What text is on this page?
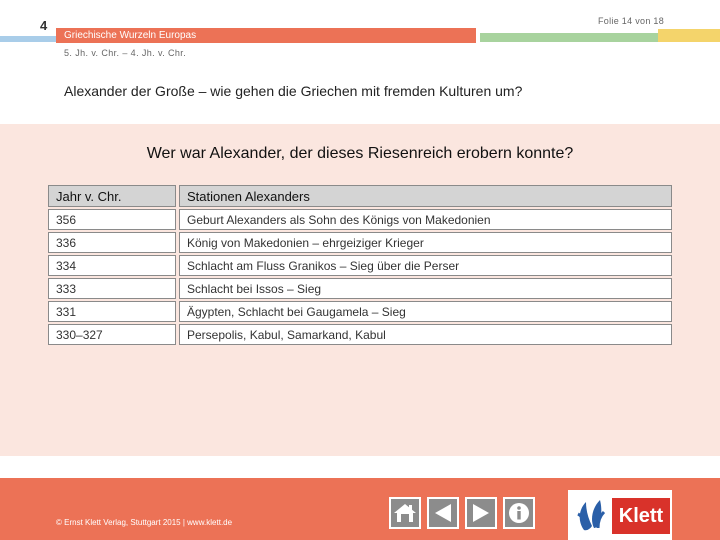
4
Griechische Wurzeln Europas
Folie 14 von 18
5. Jh. v. Chr. – 4. Jh. v. Chr.
Alexander der Große – wie gehen die Griechen mit fremden Kulturen um?
Wer war Alexander, der dieses Riesenreich erobern konnte?
Jahr v. Chr.		Stationen Alexanders
356		Geburt Alexanders als Sohn des Königs von Makedonien
336		König von Makedonien – ehrgeiziger Krieger
334		Schlacht am Fluss Granikos – Sieg über die Perser
333		Schlacht bei Issos – Sieg
331		Ägypten, Schlacht bei Gaugamela – Sieg
330–327		Persepolis, Kabul, Samarkand, Kabul
© Ernst Klett Verlag, Stuttgart 2015 | www.klett.de	Klett
